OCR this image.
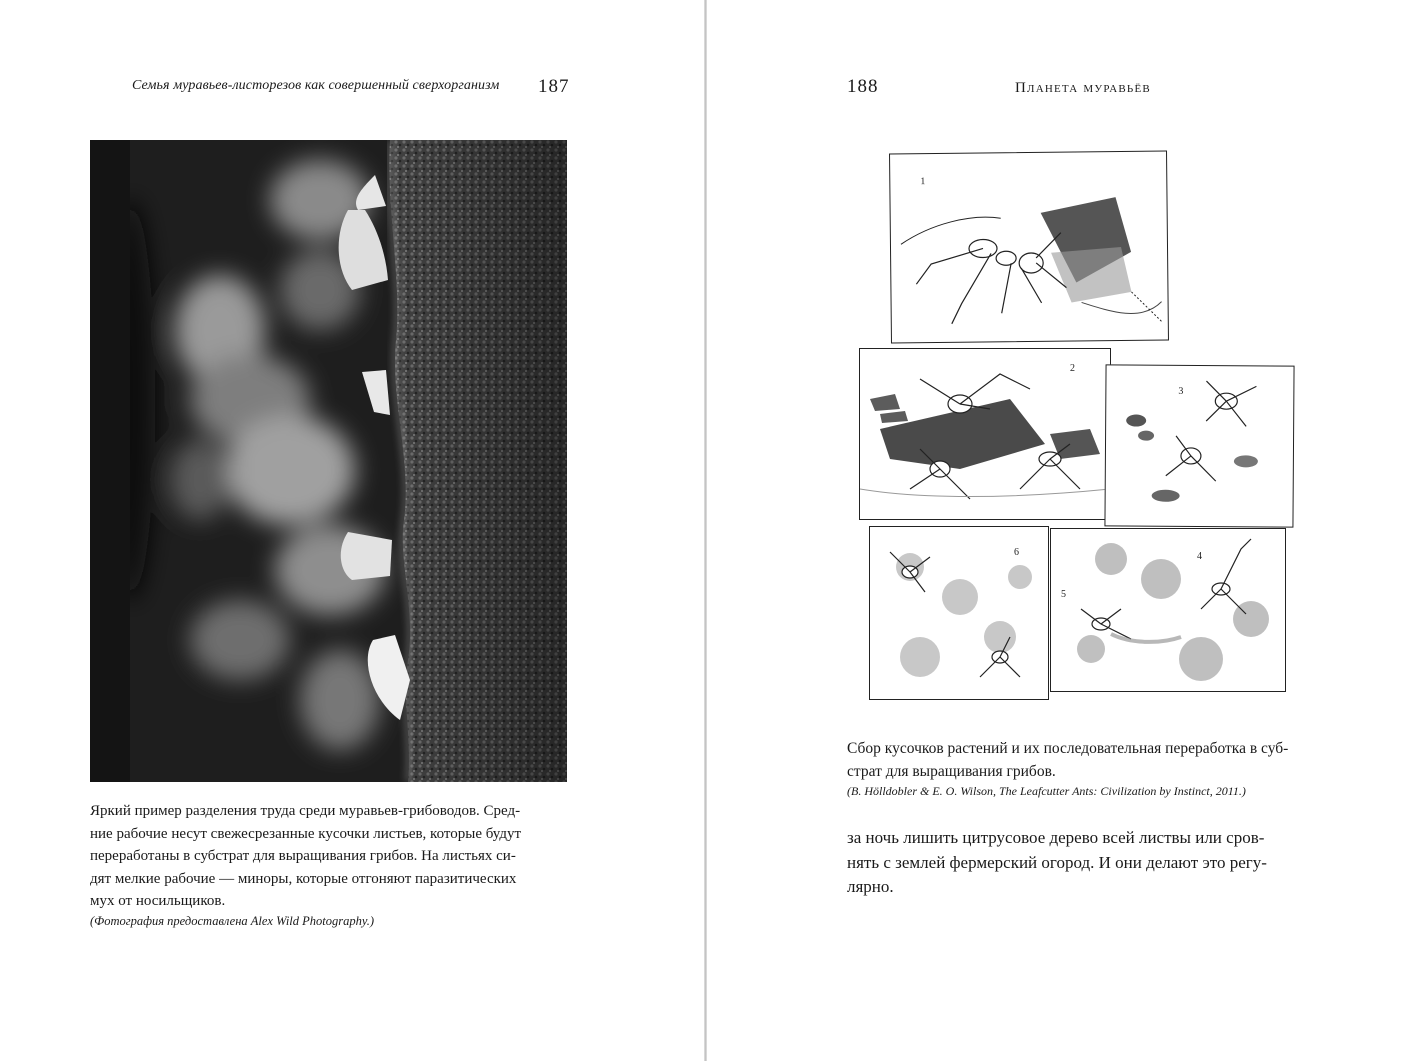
Семья муравьев-листорезов как совершенный сверхорганизм 187
Яркий пример разделения труда среди муравьев-грибоводов. Сред-
ние рабочие несут свежесрезанные кусочки листьев, которые будут
переработаны в субстрат для выращивания грибов. На листьях си-
дят мелкие рабочие — миноры, которые отгоняют паразитических
мух от носильщиков.
(Фотография предоставлена Alex Wild Photography.)
188	Планета муравьёв
1
2
3
6	4
5
Сбор кусочков растений и их последовательная переработка в суб-
страт для выращивания грибов.
(B. Hölldobler & E. O. Wilson, The Leafcutter Ants: Civilization by Instinct, 2011.)
за ночь лишить цитрусовое дерево всей листвы или сров-
нять с землей фермерский огород. И они делают это регу-
лярно.
